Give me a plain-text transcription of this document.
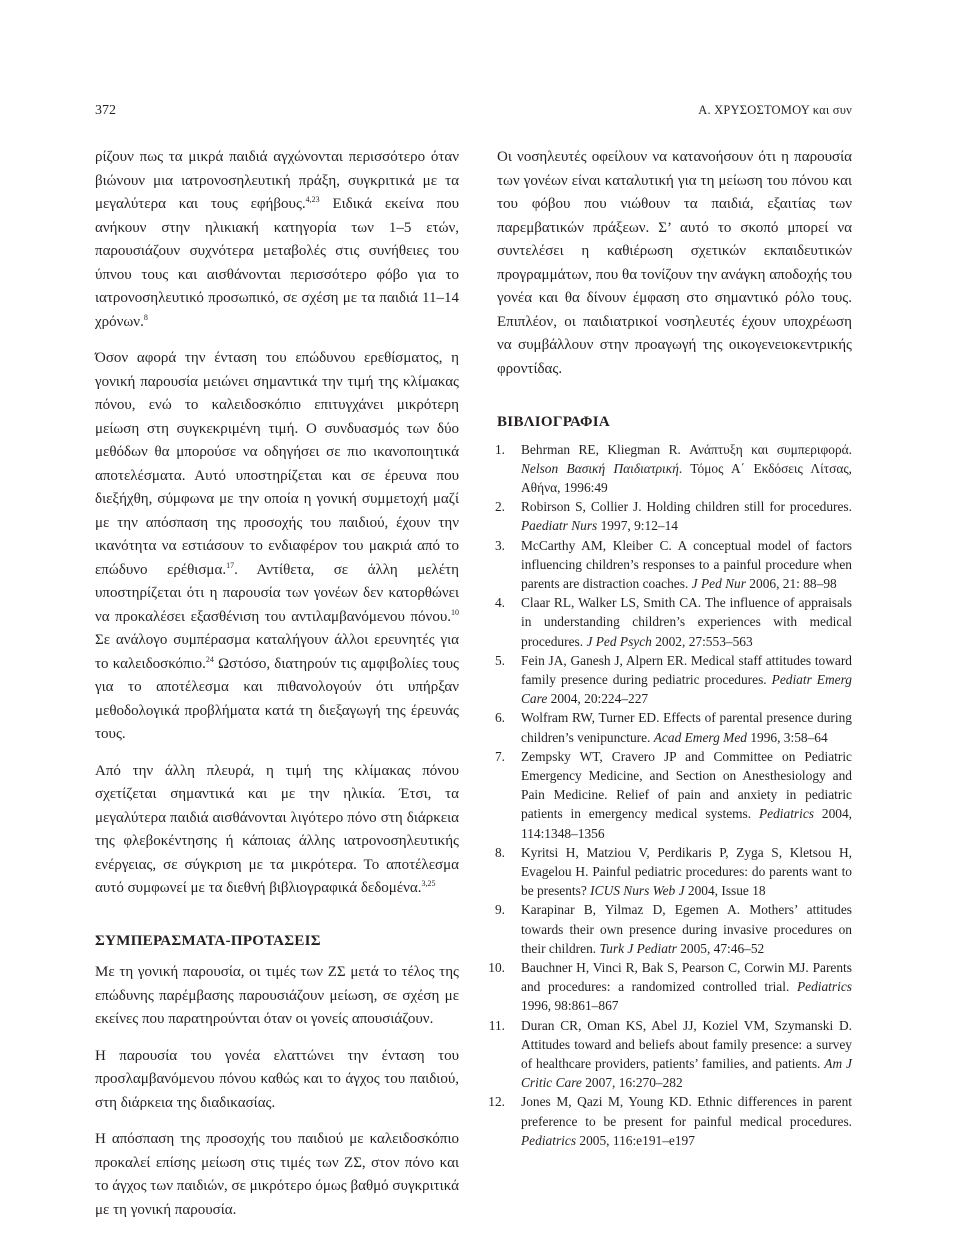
372	Α. ΧΡΥΣΟΣΤΟΜΟΥ και συν

ρίζουν πως τα μικρά παιδιά αγχώνονται περισσότερο όταν βιώνουν μια ιατρονοσηλευτική πράξη, συγκριτικά με τα μεγαλύτερα και τους εφήβους.$^{4,23}$ Ειδικά εκείνα που ανήκουν στην ηλικιακή κατηγορία των 1–5 ετών, παρουσιάζουν συχνότερα μεταβολές στις συνήθειες του ύπνου τους και αισθάνονται περισσότερο φόβο για το ιατρονοσηλευτικό προσωπικό, σε σχέση με τα παιδιά 11–14 χρόνων.$^8$

Όσον αφορά την ένταση του επώδυνου ερεθίσματος, η γονική παρουσία μειώνει σημαντικά την τιμή της κλίμακας πόνου, ενώ το καλειδοσκόπιο επιτυγχάνει μικρότερη μείωση στη συγκεκριμένη τιμή. Ο συνδυασμός των δύο μεθόδων θα μπορούσε να οδηγήσει σε πιο ικανοποιητικά αποτελέσματα. Αυτό υποστηρίζεται και σε έρευνα που διεξήχθη, σύμφωνα με την οποία η γονική συμμετοχή μαζί με την απόσπαση της προσοχής του παιδιού, έχουν την ικανότητα να εστιάσουν το ενδιαφέρον του μακριά από το επώδυνο ερέθισμα.$^{17}$. Αντίθετα, σε άλλη μελέτη υποστηρίζεται ότι η παρουσία των γονέων δεν κατορθώνει να προκαλέσει εξασθένιση του αντιλαμβανόμενου πόνου.$^{10}$ Σε ανάλογο συμπέρασμα καταλήγουν άλλοι ερευνητές για το καλειδοσκόπιο.$^{24}$ Ωστόσο, διατηρούν τις αμφιβολίες τους για το αποτέλεσμα και πιθανολογούν ότι υπήρξαν μεθοδολογικά προβλήματα κατά τη διεξαγωγή της έρευνάς τους.

Από την άλλη πλευρά, η τιμή της κλίμακας πόνου σχετίζεται σημαντικά και με την ηλικία. Έτσι, τα μεγαλύτερα παιδιά αισθάνονται λιγότερο πόνο στη διάρκεια της φλεβοκέντησης ή κάποιας άλλης ιατρονοσηλευτικής ενέργειας, σε σύγκριση με τα μικρότερα. Το αποτέλεσμα αυτό συμφωνεί με τα διεθνή βιβλιογραφικά δεδομένα.$^{3,25}$

ΣΥΜΠΕΡΑΣΜΑΤΑ-ΠΡΟΤΑΣΕΙΣ

Με τη γονική παρουσία, οι τιμές των ΖΣ μετά το τέλος της επώδυνης παρέμβασης παρουσιάζουν μείωση, σε σχέση με εκείνες που παρατηρούνται όταν οι γονείς απουσιάζουν.

Η παρουσία του γονέα ελαττώνει την ένταση του προσλαμβανόμενου πόνου καθώς και το άγχος του παιδιού, στη διάρκεια της διαδικασίας.

Η απόσπαση της προσοχής του παιδιού με καλειδοσκόπιο προκαλεί επίσης μείωση στις τιμές των ΖΣ, στον πόνο και το άγχος των παιδιών, σε μικρότερο όμως βαθμό συγκριτικά με τη γονική παρουσία.

Οι νοσηλευτές οφείλουν να κατανοήσουν ότι η παρουσία των γονέων είναι καταλυτική για τη μείωση του πόνου και του φόβου που νιώθουν τα παιδιά, εξαιτίας των παρεμβατικών πράξεων. Σ’ αυτό το σκοπό μπορεί να συντελέσει η καθιέρωση σχετικών εκπαιδευτικών προγραμμάτων, που θα τονίζουν την ανάγκη αποδοχής του γονέα και θα δίνουν έμφαση στο σημαντικό ρόλο τους. Επιπλέον, οι παιδιατρικοί νοσηλευτές έχουν υποχρέωση να συμβάλλουν στην προαγωγή της οικογενειοκεντρικής φροντίδας.

ΒΙΒΛΙΟΓΡΑΦΙΑ
1. Behrman RE, Kliegman R. Ανάπτυξη και συμπεριφορά. Nelson Βασική Παιδιατρική. Τόμος Α΄ Εκδόσεις Λίτσας, Αθήνα, 1996:49
2. Robirson S, Collier J. Holding children still for procedures. Paediatr Nurs 1997, 9:12–14
3. McCarthy AM, Kleiber C. A conceptual model of factors influencing children’s responses to a painful procedure when parents are distraction coaches. J Ped Nur 2006, 21: 88–98
4. Claar RL, Walker LS, Smith CA. The influence of appraisals in understanding children’s experiences with medical procedures. J Ped Psych 2002, 27:553–563
5. Fein JA, Ganesh J, Alpern ER. Medical staff attitudes toward family presence during pediatric procedures. Pediatr Emerg Care 2004, 20:224–227
6. Wolfram RW, Turner ED. Effects of parental presence during children’s venipuncture. Acad Emerg Med 1996, 3:58–64
7. Zempsky WT, Cravero JP and Committee on Pediatric Emergency Medicine, and Section on Anesthesiology and Pain Medicine. Relief of pain and anxiety in pediatric patients in emergency medical systems. Pediatrics 2004, 114:1348–1356
8. Kyritsi H, Matziou V, Perdikaris P, Zyga S, Kletsou H, Evagelou H. Painful pediatric procedures: do parents want to be presents? ICUS Nurs Web J 2004, Issue 18
9. Karapinar B, Yilmaz D, Egemen A. Mothers’ attitudes towards their own presence during invasive procedures on their children. Turk J Pediatr 2005, 47:46–52
10. Bauchner H, Vinci R, Bak S, Pearson C, Corwin MJ. Parents and procedures: a randomized controlled trial. Pediatrics 1996, 98:861–867
11. Duran CR, Oman KS, Abel JJ, Koziel VM, Szymanski D. Attitudes toward and beliefs about family presence: a survey of healthcare providers, patients’ families, and patients. Am J Critic Care 2007, 16:270–282
12. Jones M, Qazi M, Young KD. Ethnic differences in parent preference to be present for painful medical procedures. Pediatrics 2005, 116:e191–e197
